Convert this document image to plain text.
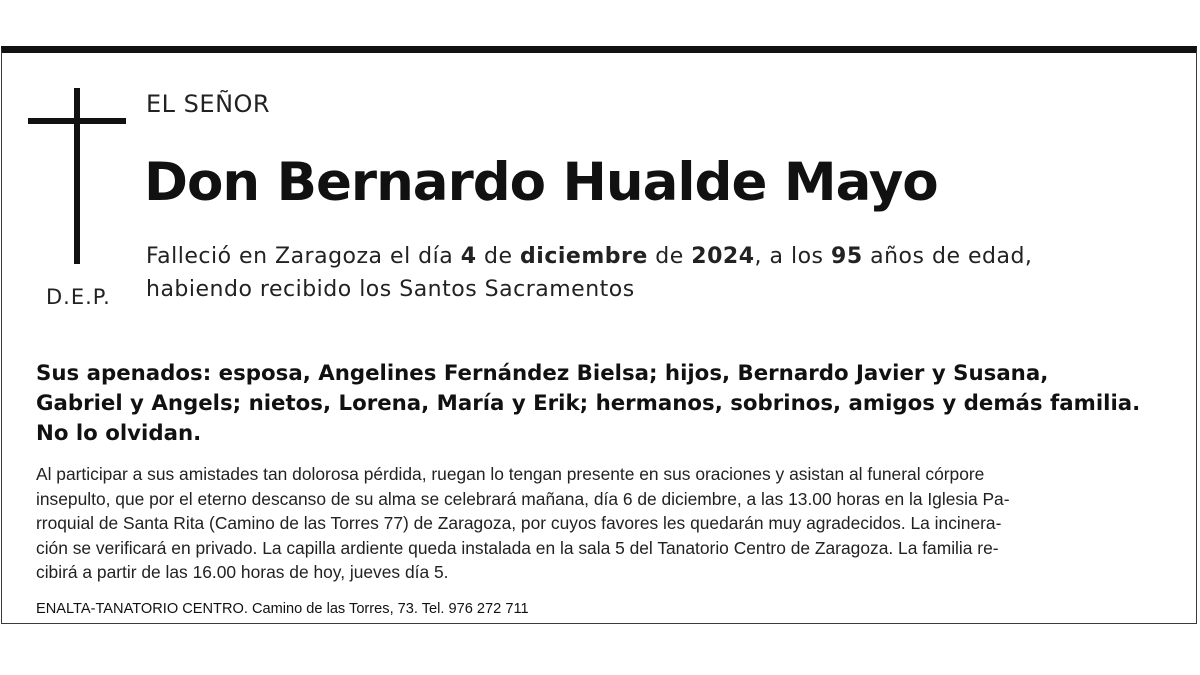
D.E.P.
EL SEÑOR
Don Bernardo Hualde Mayo

Falleció en Zaragoza el día 4 de diciembre de 2024, a los 95 años de edad,
habiendo recibido los Santos Sacramentos

Sus apenados: esposa, Angelines Fernández Bielsa; hijos, Bernardo Javier y Susana,
Gabriel y Angels; nietos, Lorena, María y Erik; hermanos, sobrinos, amigos y demás familia.
No lo olvidan.

Al participar a sus amistades tan dolorosa pérdida, ruegan lo tengan presente en sus oraciones y asistan al funeral córpore
insepulto, que por el eterno descanso de su alma se celebrará mañana, día 6 de diciembre, a las 13.00 horas en la Iglesia Pa-
rroquial de Santa Rita (Camino de las Torres 77) de Zaragoza, por cuyos favores les quedarán muy agradecidos. La incinera-
ción se verificará en privado. La capilla ardiente queda instalada en la sala 5 del Tanatorio Centro de Zaragoza. La familia re-
cibirá a partir de las 16.00 horas de hoy, jueves día 5.

ENALTA-TANATORIO CENTRO. Camino de las Torres, 73. Tel. 976 272 711
